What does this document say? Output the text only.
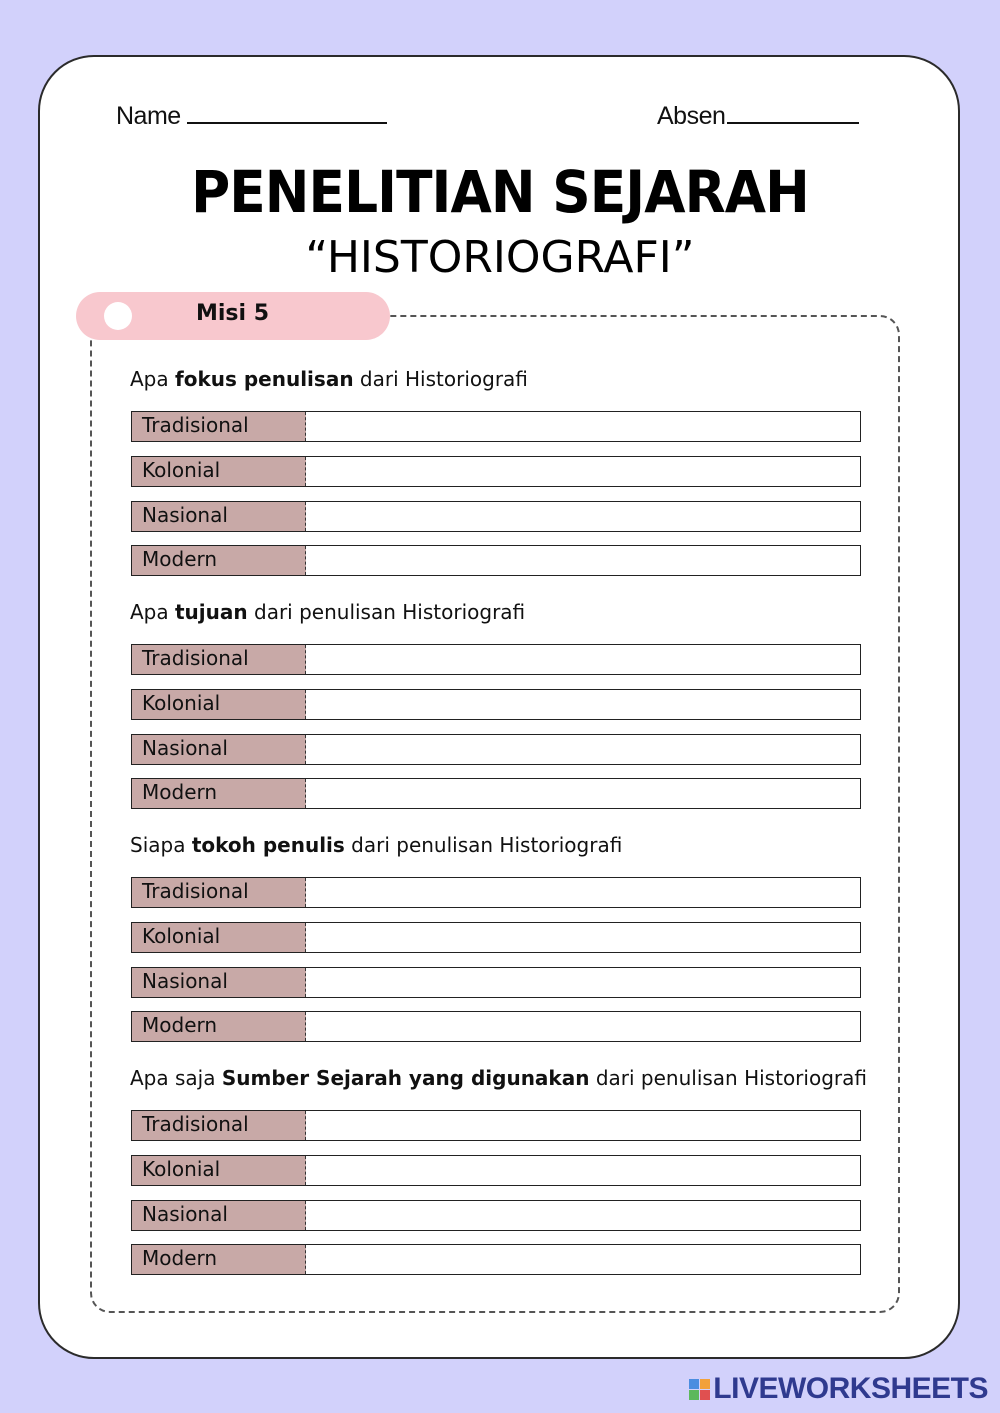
Name	Absen
PENELITIAN SEJARAH
“HISTORIOGRAFI”
Misi 5
Apa fokus penulisan dari Historiografi
Tradisional
Kolonial
Nasional
Modern
Apa tujuan dari penulisan Historiografi
Tradisional
Kolonial
Nasional
Modern
Siapa tokoh penulis dari penulisan Historiografi
Tradisional
Kolonial
Nasional
Modern
Apa saja Sumber Sejarah yang digunakan dari penulisan Historiografi
Tradisional
Kolonial
Nasional
Modern
LIVEWORKSHEETS
